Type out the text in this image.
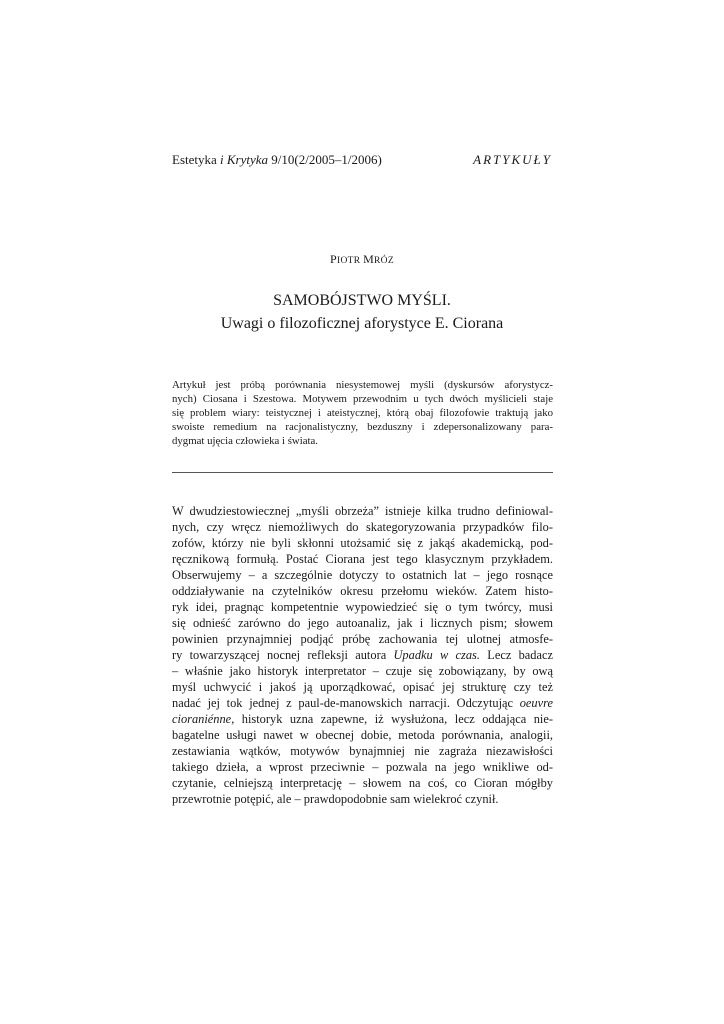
Estetyka i Krytyka 9/10(2/2005–1/2006)	ARTYKUŁY
PIOTR MRÓZ
SAMOBÓJSTWO MYŚLI.
Uwagi o filozoficznej aforystyce E. Ciorana
Artykuł jest próbą porównania niesystemowej myśli (dyskursów aforystycz-
nych) Ciosana i Szestowa. Motywem przewodnim u tych dwóch myślicieli staje
się problem wiary: teistycznej i ateistycznej, którą obaj filozofowie traktują jako
swoiste remedium na racjonalistyczny, bezduszny i zdepersonalizowany para-
dygmat ujęcia człowieka i świata.
W dwudziestowiecznej „myśli obrzeża” istnieje kilka trudno definiowal-
nych, czy wręcz niemożliwych do skategoryzowania przypadków filo-
zofów, którzy nie byli skłonni utożsamić się z jakąś akademicką, pod-
ręcznikową formułą. Postać Ciorana jest tego klasycznym przykładem.
Obserwujemy – a szczególnie dotyczy to ostatnich lat – jego rosnące
oddziaływanie na czytelników okresu przełomu wieków. Zatem histo-
ryk idei, pragnąc kompetentnie wypowiedzieć się o tym twórcy, musi
się odnieść zarówno do jego autoanaliz, jak i licznych pism; słowem
powinien przynajmniej podjąć próbę zachowania tej ulotnej atmosfe-
ry towarzyszącej nocnej refleksji autora Upadku w czas. Lecz badacz
– właśnie jako historyk interpretator – czuje się zobowiązany, by ową
myśl uchwycić i jakoś ją uporządkować, opisać jej strukturę czy też
nadać jej tok jednej z paul-de-manowskich narracji. Odczytując oeuvre
cioraniénne, historyk uzna zapewne, iż wysłużona, lecz oddająca nie-
bagatelne usługi nawet w obecnej dobie, metoda porównania, analogii,
zestawiania wątków, motywów bynajmniej nie zagraża niezawisłości
takiego dzieła, a wprost przeciwnie – pozwala na jego wnikliwe od-
czytanie, celniejszą interpretację – słowem na coś, co Cioran mógłby
przewrotnie potępić, ale – prawdopodobnie sam wielekroć czynił.
